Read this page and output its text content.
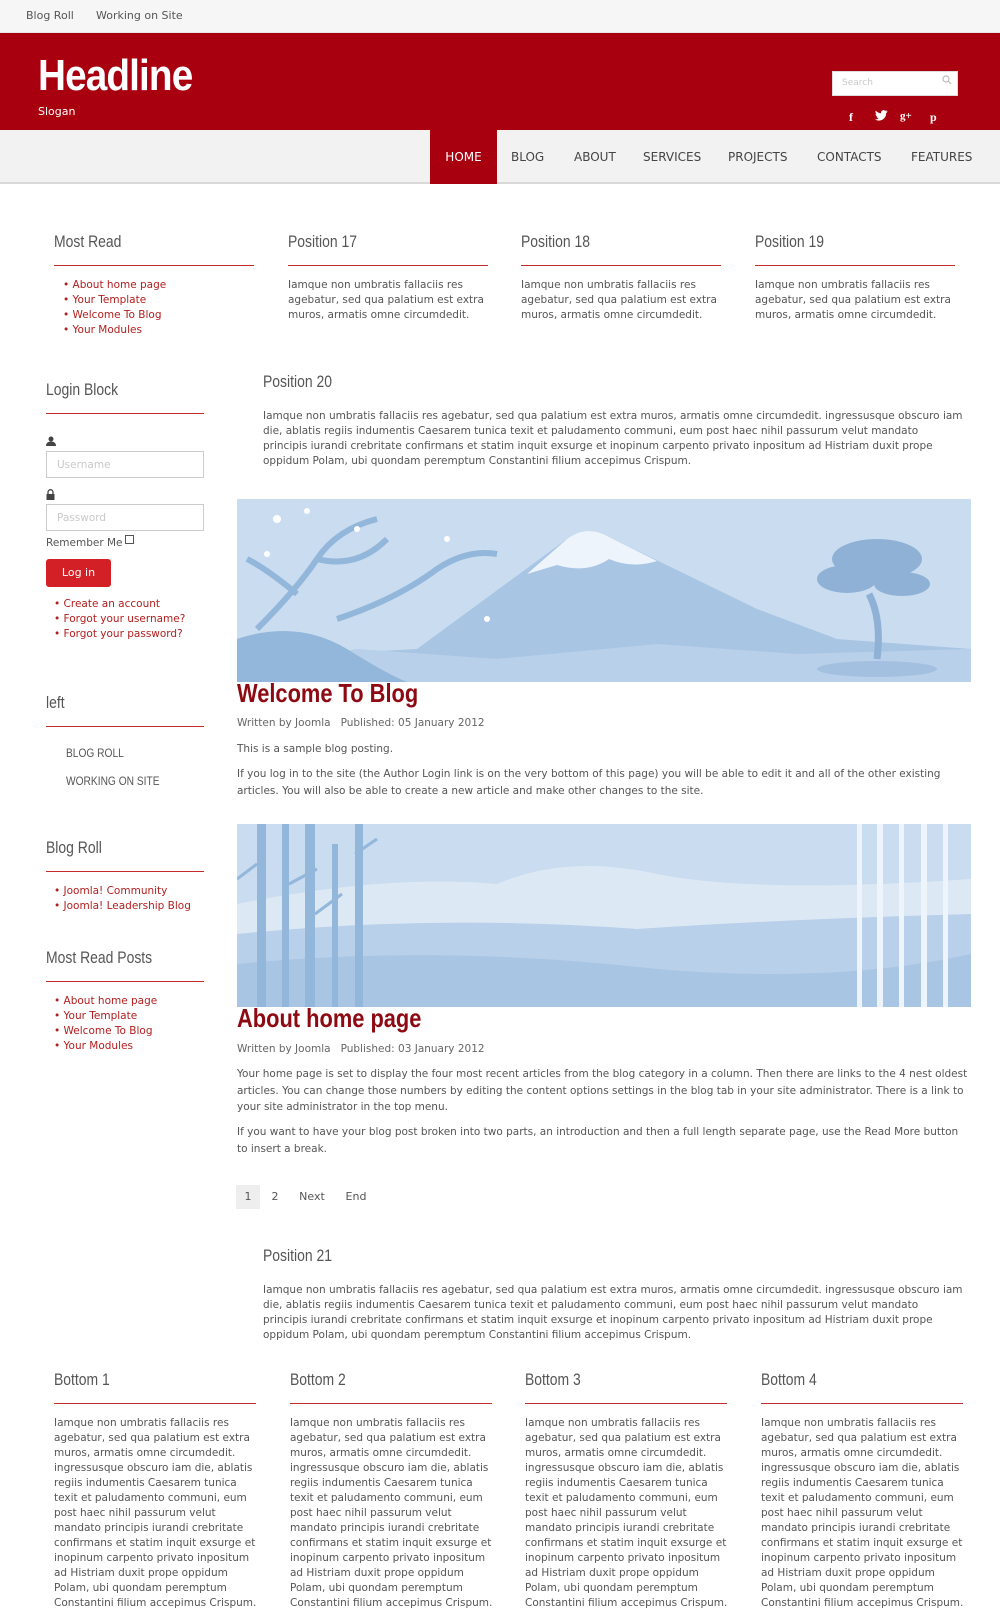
Blog Roll Working on Site
Headline
Slogan
Search
f	g+ p
HOME	BLOG ABOUT SERVICES PROJECTS CONTACTS FEATURES
Most Read
• About home page
• Your Template
• Welcome To Blog
• Your Modules
Position 17
Iamque non umbratis fallaciis res agebatur, sed qua palatium est extra muros, armatis omne circumdedit.
Position 18
Iamque non umbratis fallaciis res agebatur, sed qua palatium est extra muros, armatis omne circumdedit.
Position 19
Iamque non umbratis fallaciis res agebatur, sed qua palatium est extra muros, armatis omne circumdedit.
Login Block
Username
Password
Remember Me
Log in
• Create an account
• Forgot your username?
• Forgot your password?
left
BLOG ROLL
WORKING ON SITE
Blog Roll
• Joomla! Community
• Joomla! Leadership Blog
Most Read Posts
• About home page
• Your Template
• Welcome To Blog
• Your Modules
Position 20
Iamque non umbratis fallaciis res agebatur, sed qua palatium est extra muros, armatis omne circumdedit. ingressusque obscuro iam die, ablatis regiis indumentis Caesarem tunica texit et paludamento communi, eum post haec nihil passurum velut mandato principis iurandi crebritate confirmans et statim inquit exsurge et inopinum carpento privato inpositum ad Histriam duxit prope oppidum Polam, ubi quondam peremptum Constantini filium accepimus Crispum.
Welcome To Blog
Written by Joomla Published: 05 January 2012
This is a sample blog posting.
If you log in to the site (the Author Login link is on the very bottom of this page) you will be able to edit it and all of the other existing articles. You will also be able to create a new article and make other changes to the site.
About home page
Written by Joomla Published: 03 January 2012
Your home page is set to display the four most recent articles from the blog category in a column. Then there are links to the 4 nest oldest articles. You can change those numbers by editing the content options settings in the blog tab in your site administrator. There is a link to your site administrator in the top menu.
If you want to have your blog post broken into two parts, an introduction and then a full length separate page, use the Read More button to insert a break.
1	2	Next	End
Position 21
Iamque non umbratis fallaciis res agebatur, sed qua palatium est extra muros, armatis omne circumdedit. ingressusque obscuro iam die, ablatis regiis indumentis Caesarem tunica texit et paludamento communi, eum post haec nihil passurum velut mandato principis iurandi crebritate confirmans et statim inquit exsurge et inopinum carpento privato inpositum ad Histriam duxit prope oppidum Polam, ubi quondam peremptum Constantini filium accepimus Crispum.
Bottom 1
Iamque non umbratis fallaciis res agebatur, sed qua palatium est extra muros, armatis omne circumdedit. ingressusque obscuro iam die, ablatis regiis indumentis Caesarem tunica texit et paludamento communi, eum post haec nihil passurum velut mandato principis iurandi crebritate confirmans et statim inquit exsurge et inopinum carpento privato inpositum ad Histriam duxit prope oppidum Polam, ubi quondam peremptum Constantini filium accepimus Crispum.
Bottom 2
Iamque non umbratis fallaciis res agebatur, sed qua palatium est extra muros, armatis omne circumdedit. ingressusque obscuro iam die, ablatis regiis indumentis Caesarem tunica texit et paludamento communi, eum post haec nihil passurum velut mandato principis iurandi crebritate confirmans et statim inquit exsurge et inopinum carpento privato inpositum ad Histriam duxit prope oppidum Polam, ubi quondam peremptum Constantini filium accepimus Crispum.
Bottom 3
Iamque non umbratis fallaciis res agebatur, sed qua palatium est extra muros, armatis omne circumdedit. ingressusque obscuro iam die, ablatis regiis indumentis Caesarem tunica texit et paludamento communi, eum post haec nihil passurum velut mandato principis iurandi crebritate confirmans et statim inquit exsurge et inopinum carpento privato inpositum ad Histriam duxit prope oppidum Polam, ubi quondam peremptum Constantini filium accepimus Crispum.
Bottom 4
Iamque non umbratis fallaciis res agebatur, sed qua palatium est extra muros, armatis omne circumdedit. ingressusque obscuro iam die, ablatis regiis indumentis Caesarem tunica texit et paludamento communi, eum post haec nihil passurum velut mandato principis iurandi crebritate confirmans et statim inquit exsurge et inopinum carpento privato inpositum ad Histriam duxit prope oppidum Polam, ubi quondam peremptum Constantini filium accepimus Crispum.
